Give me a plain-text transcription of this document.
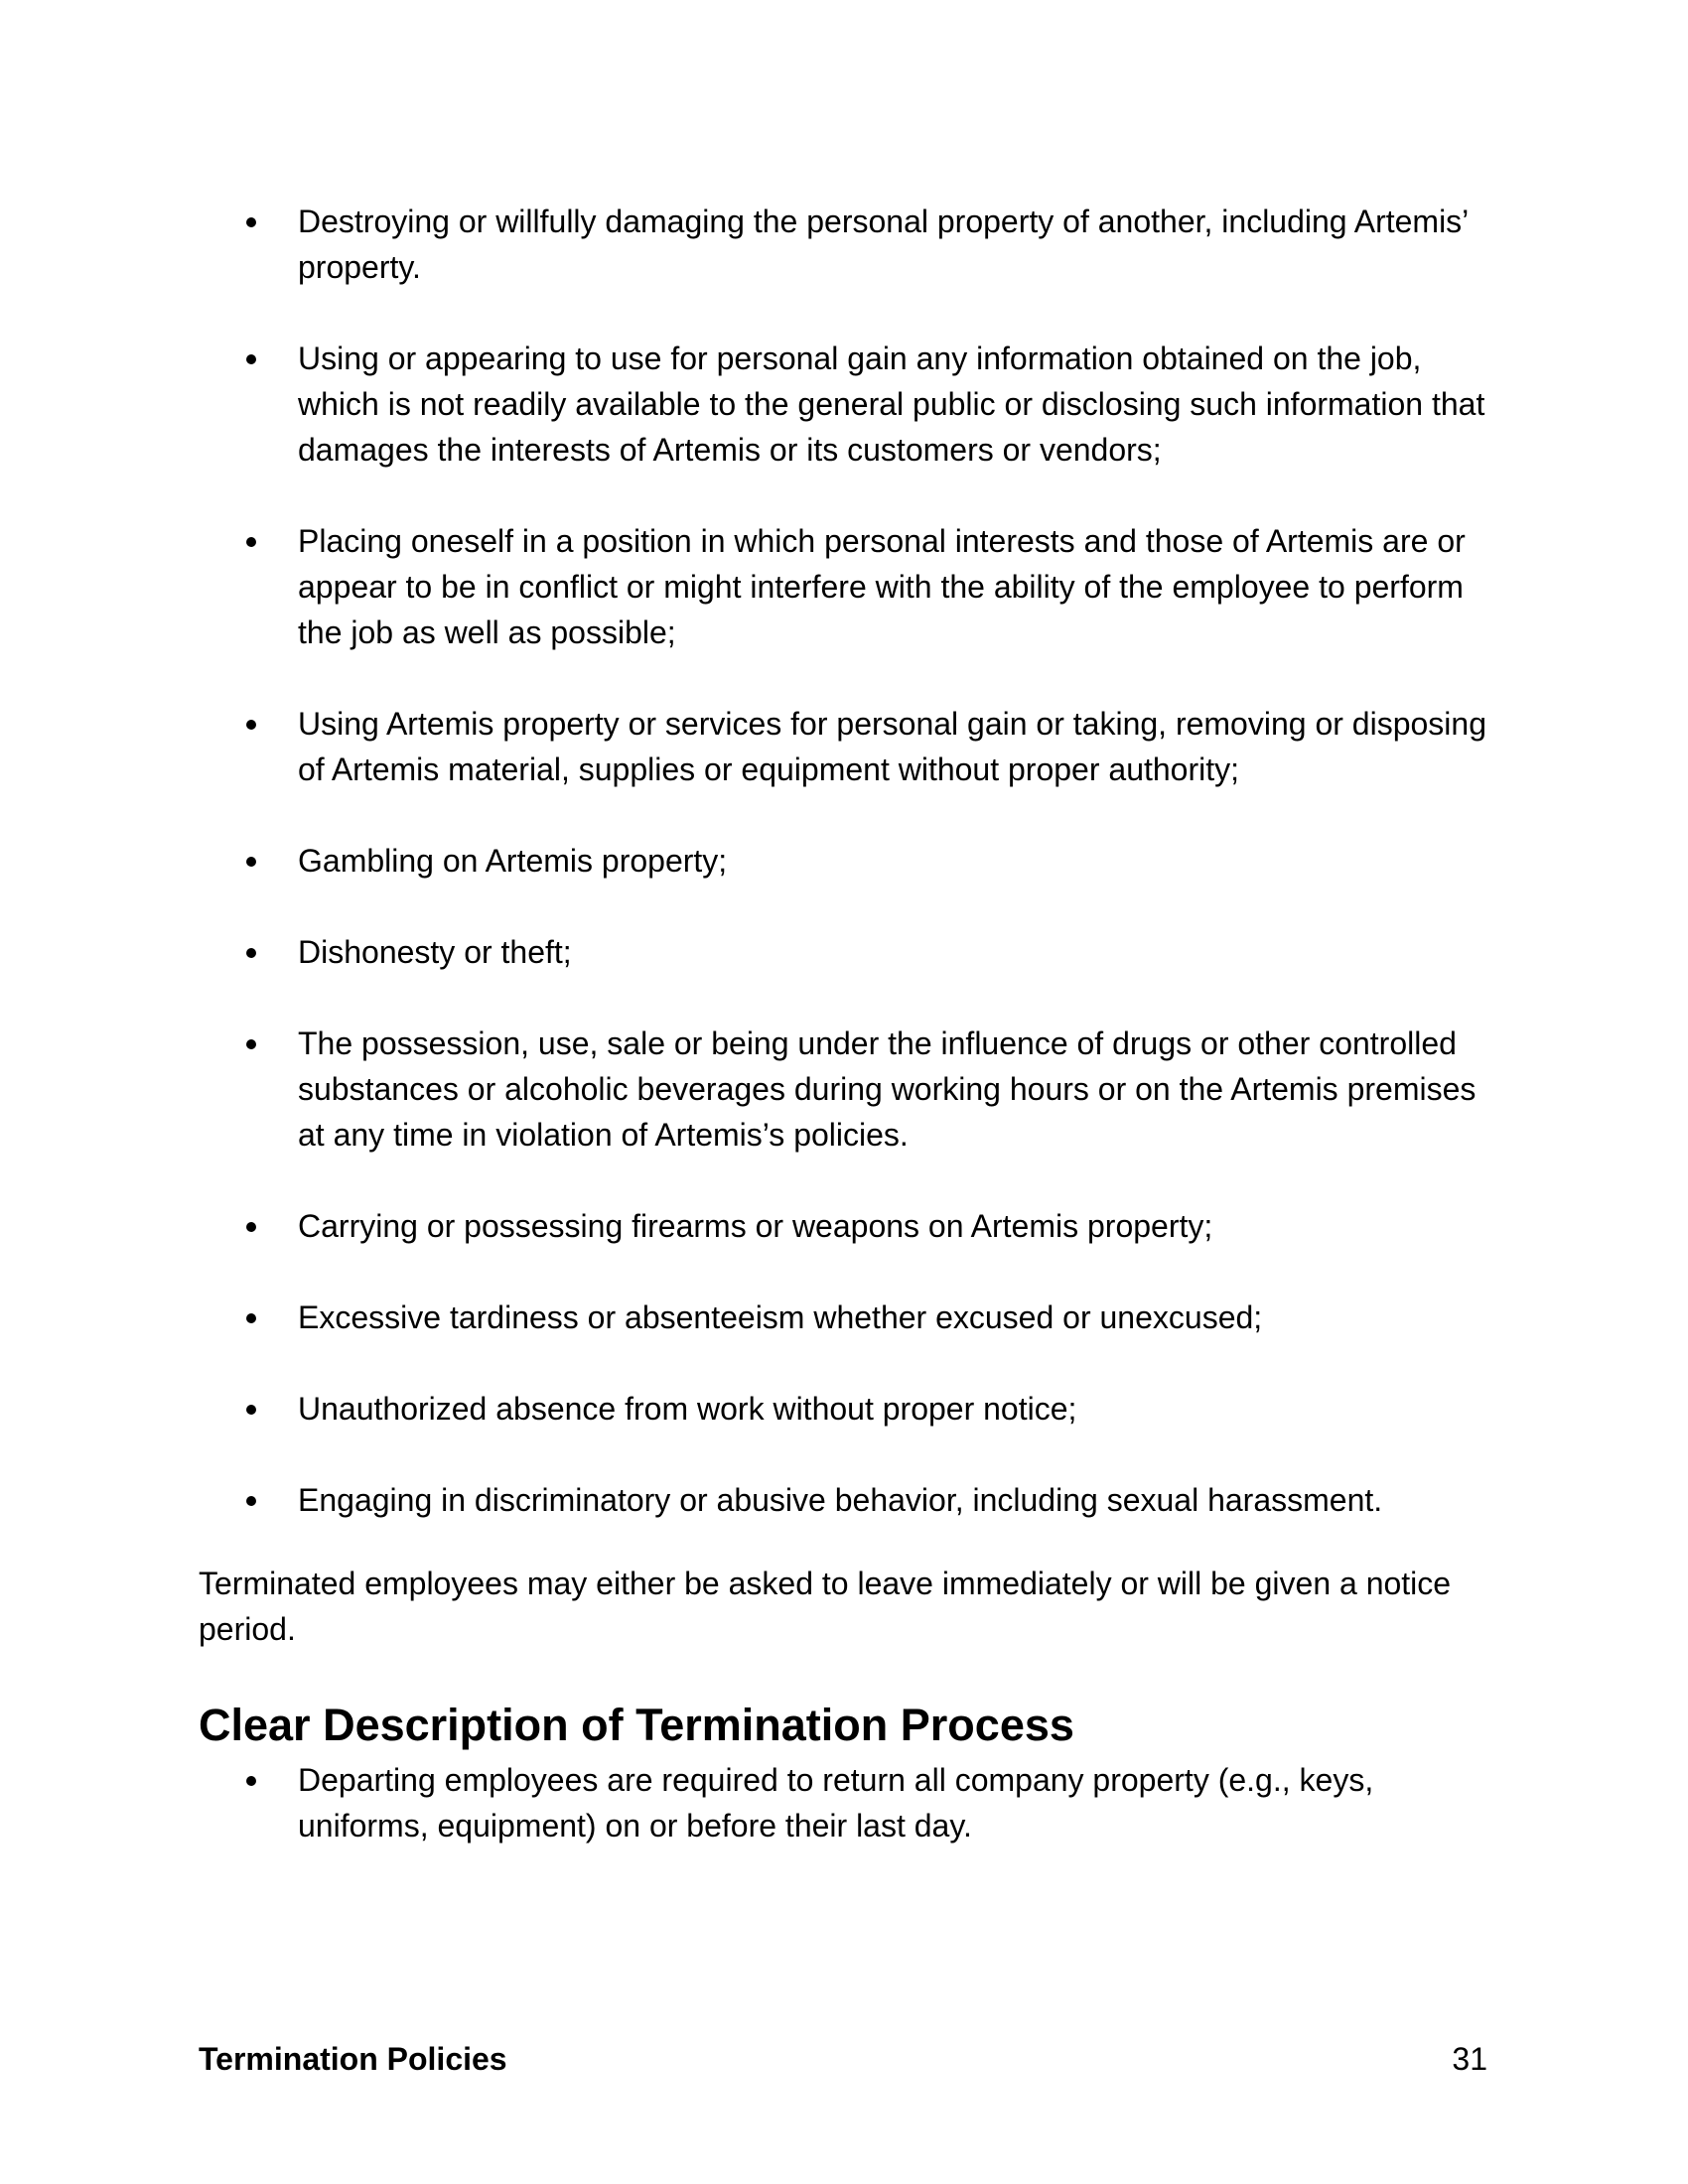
Destroying or willfully damaging the personal property of another, including Artemis’ property.
Using or appearing to use for personal gain any information obtained on the job, which is not readily available to the general public or disclosing such information that damages the interests of Artemis or its customers or vendors;
Placing oneself in a position in which personal interests and those of Artemis are or appear to be in conflict or might interfere with the ability of the employee to perform the job as well as possible;
Using Artemis property or services for personal gain or taking, removing or disposing of Artemis material, supplies or equipment without proper authority;
Gambling on Artemis property;
Dishonesty or theft;
The possession, use, sale or being under the influence of drugs or other controlled substances or alcoholic beverages during working hours or on the Artemis premises at any time in violation of Artemis’s policies.
Carrying or possessing firearms or weapons on Artemis property;
Excessive tardiness or absenteeism whether excused or unexcused;
Unauthorized absence from work without proper notice;
Engaging in discriminatory or abusive behavior, including sexual harassment.

Terminated employees may either be asked to leave immediately or will be given a notice period.

Clear Description of Termination Process
Departing employees are required to return all company property (e.g., keys, uniforms, equipment) on or before their last day.
Termination Policies	31
